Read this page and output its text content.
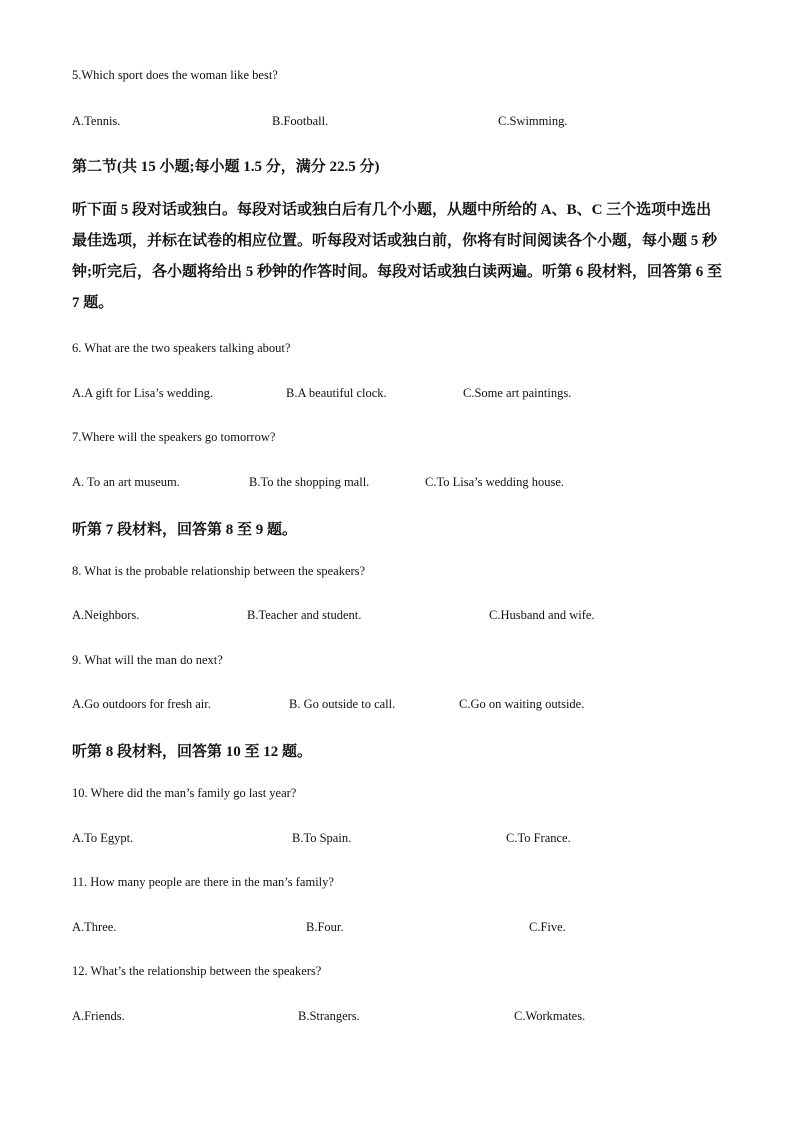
5.Which sport does the woman like best?
A.Tennis.	B.Football.	C.Swimming.
第二节(共 15 小题;每小题 1.5 分，满分 22.5 分)

听下面 5 段对话或独白。每段对话或独白后有几个小题，从题中所给的 A、B、C 三个选项中选出最佳选项，并标在试卷的相应位置。听每段对话或独白前，你将有时间阅读各个小题，每小题 5 秒钟;听完后，各小题将给出 5 秒钟的作答时间。每段对话或独白读两遍。听第 6 段材料，回答第 6 至 7 题。

6. What are the two speakers talking about?
A.A gift for Lisa’s wedding.	B.A beautiful clock.	C.Some art paintings.
7.Where will the speakers go tomorrow?
A. To an art museum.	B.To the shopping mall.	C.To Lisa’s wedding house.
听第 7 段材料，回答第 8 至 9 题。
8. What is the probable relationship between the speakers?
A.Neighbors.	B.Teacher and student.	C.Husband and wife.
9. What will the man do next?
A.Go outdoors for fresh air.	B. Go outside to call.	C.Go on waiting outside.
听第 8 段材料，回答第 10 至 12 题。
10. Where did the man’s family go last year?
A.To Egypt.	B.To Spain.	C.To France.
11. How many people are there in the man’s family?
A.Three.	B.Four.	C.Five.
12. What’s the relationship between the speakers?
A.Friends.	B.Strangers.	C.Workmates.
